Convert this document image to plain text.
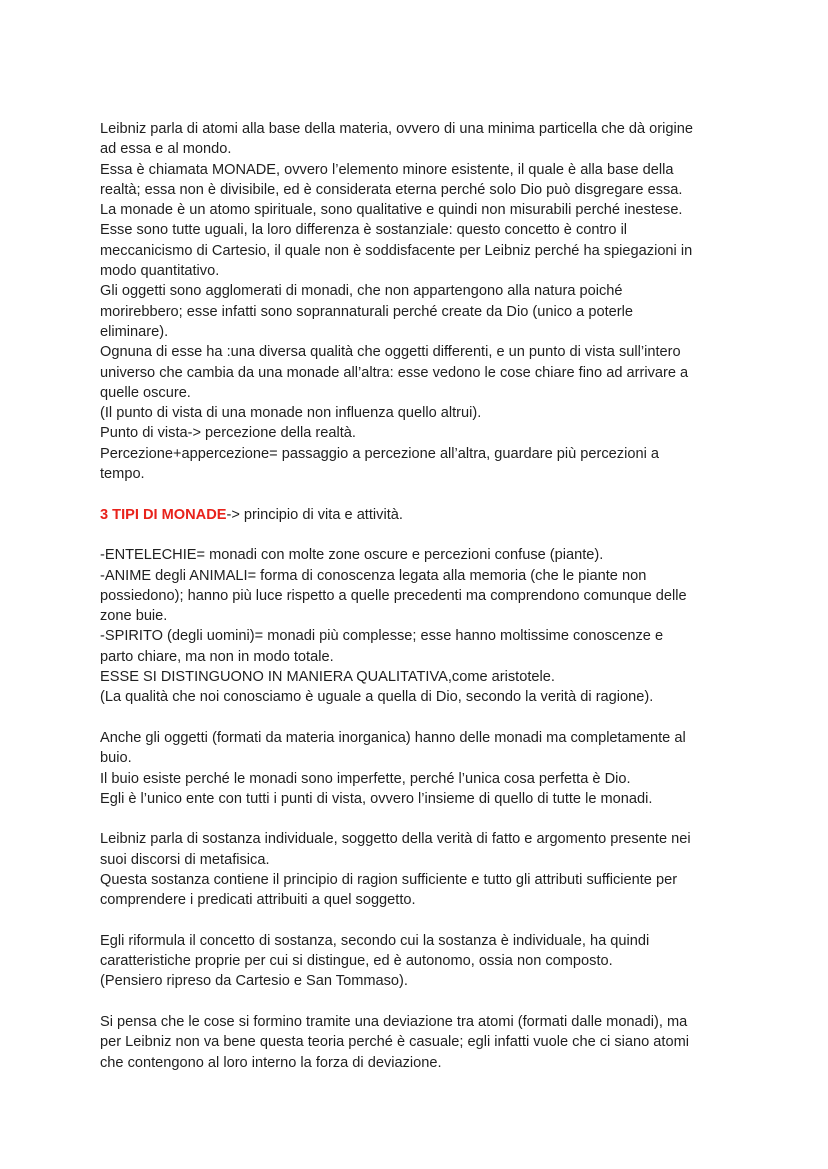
Leibniz parla di atomi alla base della materia, ovvero di una minima particella che dà origine
ad essa e al mondo.
Essa è chiamata MONADE, ovvero l’elemento minore esistente, il quale è alla base della
realtà; essa non è divisibile, ed è considerata eterna perché solo Dio può disgregare essa.
La monade è un atomo spirituale, sono qualitative e quindi non misurabili perché inestese.
Esse sono tutte uguali, la loro differenza è sostanziale: questo concetto è contro il
meccanicismo di Cartesio, il quale non è soddisfacente per Leibniz perché ha spiegazioni in
modo quantitativo.
Gli oggetti sono agglomerati di monadi, che non appartengono alla natura poiché
morirebbero; esse infatti sono soprannaturali perché create da Dio (unico a poterle
eliminare).
Ognuna di esse ha :una diversa qualità che oggetti differenti, e un punto di vista sull’intero
universo che cambia da una monade all’altra: esse vedono le cose chiare fino ad arrivare a
quelle oscure.
(Il punto di vista di una monade non influenza quello altrui).
Punto di vista-> percezione della realtà.
Percezione+appercezione= passaggio a percezione all’altra, guardare più percezioni a
tempo.

3 TIPI DI MONADE-> principio di vita e attività.

-ENTELECHIE= monadi con molte zone oscure e percezioni confuse (piante).
-ANIME degli ANIMALI= forma di conoscenza legata alla memoria (che le piante non
possiedono); hanno più luce rispetto a quelle precedenti ma comprendono comunque delle
zone buie.
-SPIRITO (degli uomini)= monadi più complesse; esse hanno moltissime conoscenze e
parto chiare, ma non in modo totale.
ESSE SI DISTINGUONO IN MANIERA QUALITATIVA,come aristotele.
(La qualità che noi conosciamo è uguale a quella di Dio, secondo la verità di ragione).

Anche gli oggetti (formati da materia inorganica) hanno delle monadi ma completamente al
buio.
Il buio esiste perché le monadi sono imperfette, perché l’unica cosa perfetta è Dio.
Egli è l’unico ente con tutti i punti di vista, ovvero l’insieme di quello di tutte le monadi.

Leibniz parla di sostanza individuale, soggetto della verità di fatto e argomento presente nei
suoi discorsi di metafisica.
Questa sostanza contiene il principio di ragion sufficiente e tutto gli attributi sufficiente per
comprendere i predicati attribuiti a quel soggetto.

Egli riformula il concetto di sostanza, secondo cui la sostanza è individuale, ha quindi
caratteristiche proprie per cui si distingue, ed è autonomo, ossia non composto.
(Pensiero ripreso da Cartesio e San Tommaso).

Si pensa che le cose si formino tramite una deviazione tra atomi (formati dalle monadi), ma
per Leibniz non va bene questa teoria perché è casuale; egli infatti vuole che ci siano atomi
che contengono al loro interno la forza di deviazione.
